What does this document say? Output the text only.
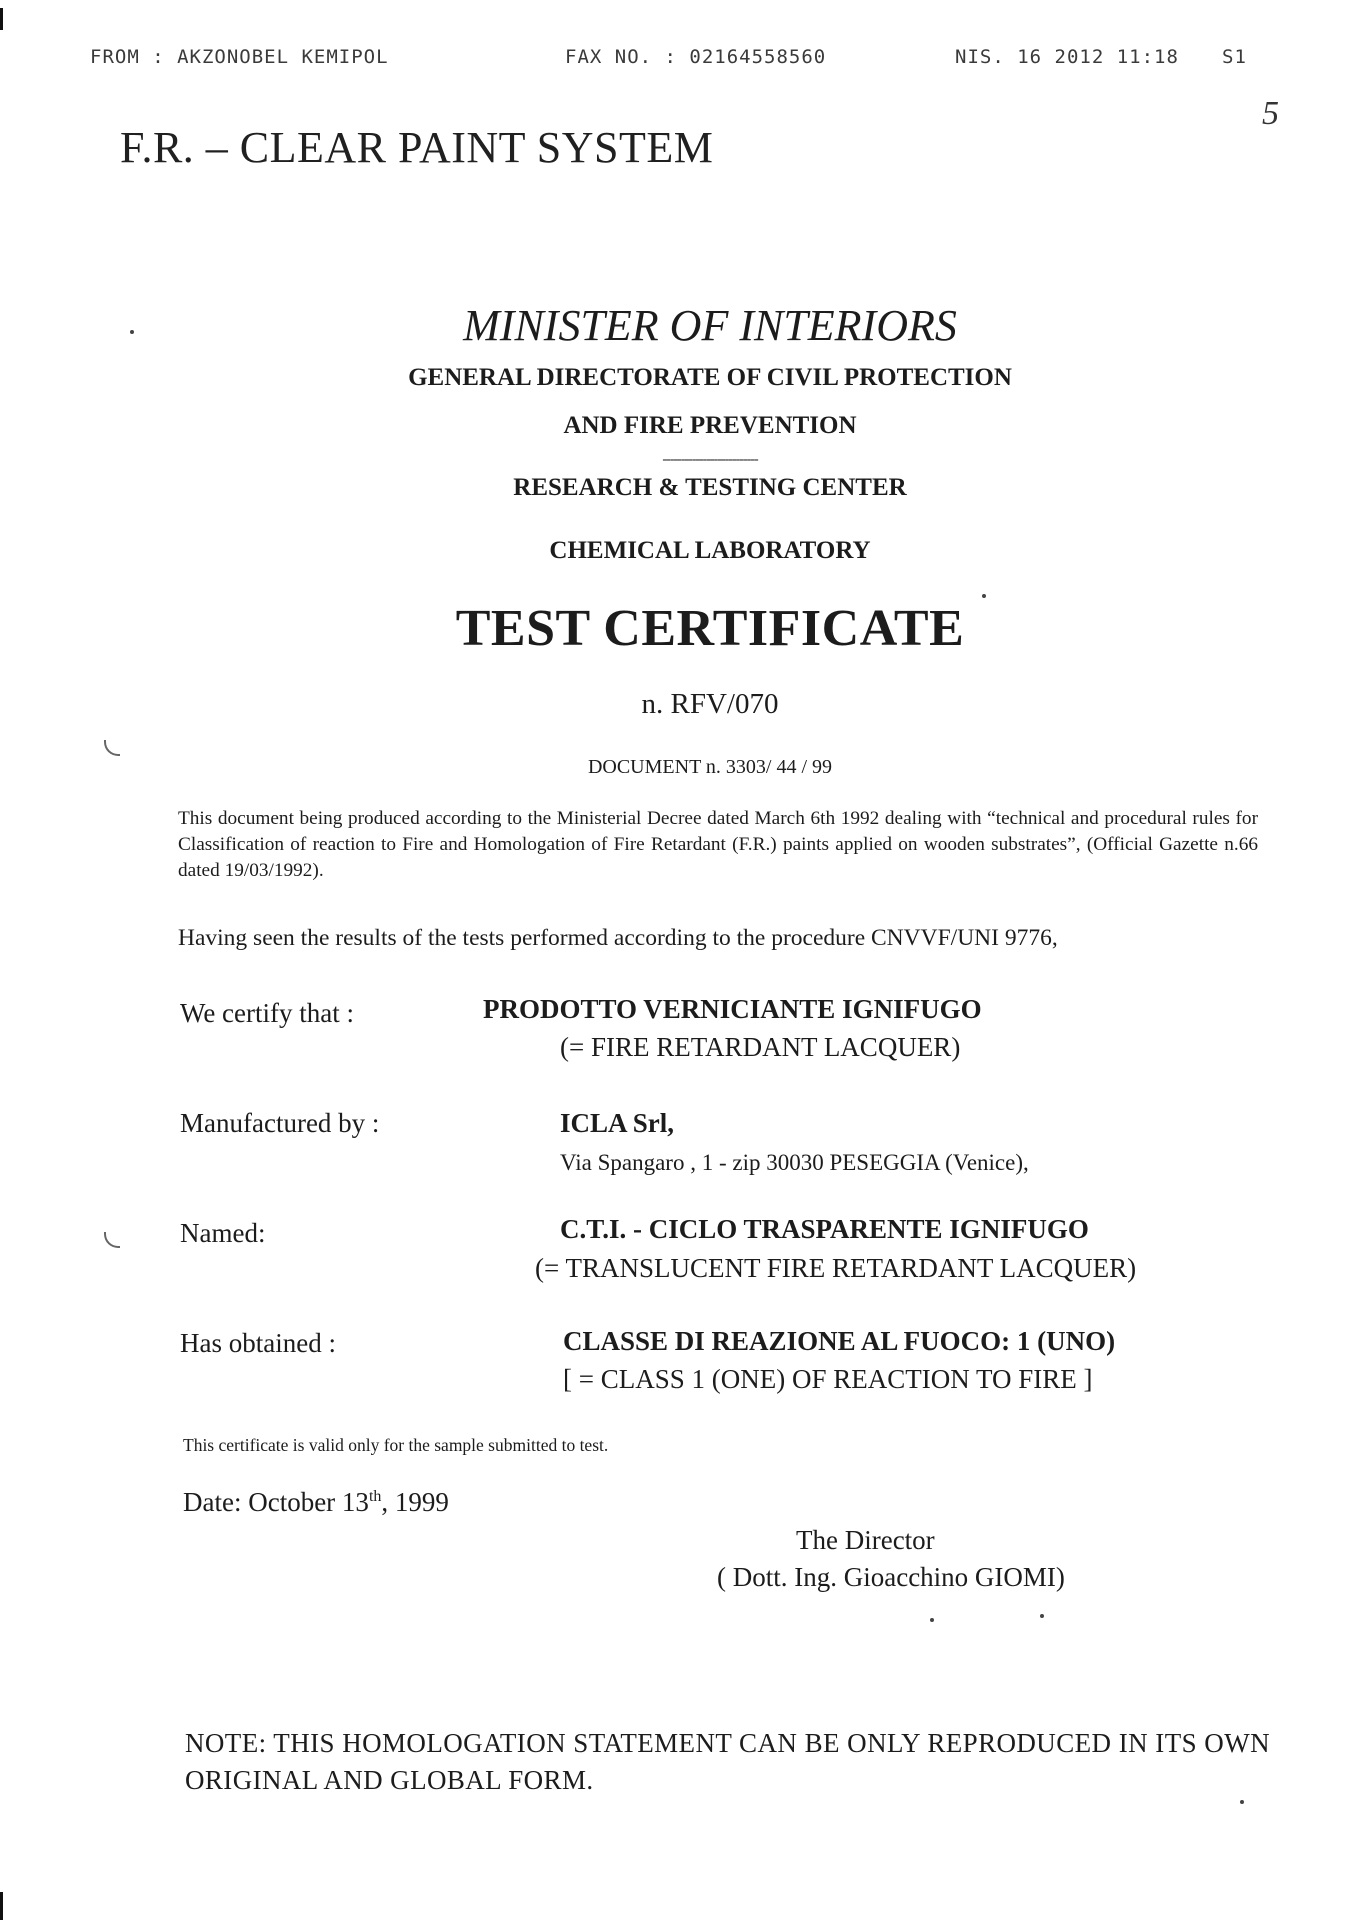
FROM : AKZONOBEL KEMIPOL	FAX NO. : 02164558560	NIS. 16 2012 11:18 S1
F.R. – CLEAR PAINT SYSTEM
5
MINISTER OF INTERIORS
GENERAL DIRECTORATE OF CIVIL PROTECTION
AND FIRE PREVENTION
--------------------------
RESEARCH & TESTING CENTER
CHEMICAL LABORATORY
TEST CERTIFICATE
n. RFV/070
DOCUMENT n. 3303/ 44 / 99
This document being produced according to the Ministerial Decree dated March 6th 1992 dealing with “technical and procedural rules for Classification of reaction to Fire and Homologation of Fire Retardant (F.R.) paints applied on wooden substrates”, (Official Gazette n.66 dated 19/03/1992).
Having seen the results of the tests performed according to the procedure CNVVF/UNI 9776,
We certify that :	PRODOTTO VERNICIANTE IGNIFUGO
(= FIRE RETARDANT LACQUER)
Manufactured by :	ICLA Srl,
Via Spangaro , 1 - zip 30030 PESEGGIA (Venice),
Named:	C.T.I. - CICLO TRASPARENTE IGNIFUGO
(= TRANSLUCENT FIRE RETARDANT LACQUER)
Has obtained :	CLASSE DI REAZIONE AL FUOCO: 1 (UNO)
[ = CLASS 1 (ONE) OF REACTION TO FIRE ]
This certificate is valid only for the sample submitted to test.
Date: October 13th, 1999
The Director
( Dott. Ing. Gioacchino GIOMI)
NOTE: THIS HOMOLOGATION STATEMENT CAN BE ONLY REPRODUCED IN ITS OWN ORIGINAL AND GLOBAL FORM.
